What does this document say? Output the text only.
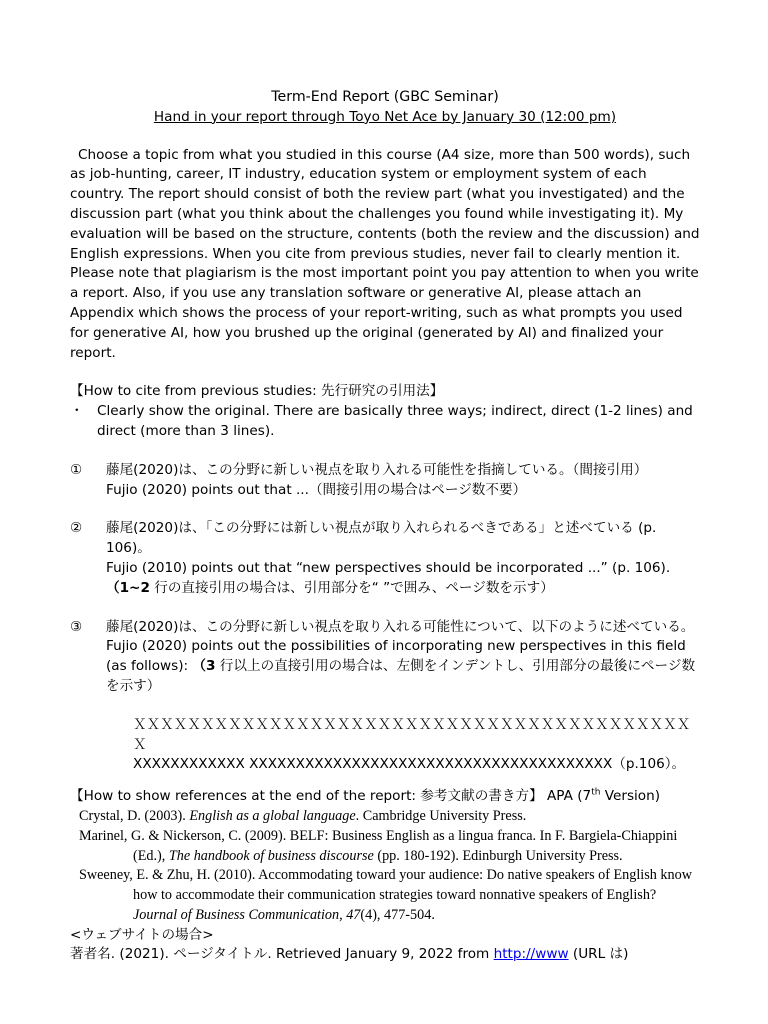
Term-End Report (GBC Seminar)
Hand in your report through Toyo Net Ace by January 30 (12:00 pm)
Choose a topic from what you studied in this course (A4 size, more than 500 words), such as job-hunting, career, IT industry, education system or employment system of each country. The report should consist of both the review part (what you investigated) and the discussion part (what you think about the challenges you found while investigating it). My evaluation will be based on the structure, contents (both the review and the discussion) and English expressions. When you cite from previous studies, never fail to clearly mention it. Please note that plagiarism is the most important point you pay attention to when you write a report. Also, if you use any translation software or generative AI, please attach an Appendix which shows the process of your report-writing, such as what prompts you used for generative AI, how you brushed up the original (generated by AI) and finalized your report.
【How to cite from previous studies: 先行研究の引用法】
・ Clearly show the original. There are basically three ways; indirect, direct (1-2 lines) and direct (more than 3 lines).
①	藤尾(2020)は、この分野に新しい視点を取り入れる可能性を指摘している。（間接引用）
Fujio (2020) points out that ...（間接引用の場合はページ数不要）
②	藤尾(2020)は、「この分野には新しい視点が取り入れられるべきである」と述べている (p. 106)。
Fujio (2010) points out that “new perspectives should be incorporated ...” (p. 106).
（1~2 行の直接引用の場合は、引用部分を“ ”で囲み、ページ数を示す）
③	藤尾(2020)は、この分野に新しい視点を取り入れる可能性について、以下のように述べている。
Fujio (2020) points out the possibilities of incorporating new perspectives in this field
(as follows): （3 行以上の直接引用の場合は、左側をインデントし、引用部分の最後にページ数を示す）
ＸＸＸＸＸＸＸＸＸＸＸＸＸＸＸＸＸＸＸＸＸＸＸＸＸＸＸＸＸＸＸＸＸＸＸＸＸＸＸＸＸＸ
XXXXXXXXXXXX XXXXXXXXXXXXXXXXXXXXXXXXXXXXXXXXXXXXXXX（p.106）。
【How to show references at the end of the report: 参考文献の書き方】 APA (7th Version)
Crystal, D. (2003). English as a global language. Cambridge University Press.
Marinel, G. & Nickerson, C. (2009). BELF: Business English as a lingua franca. In F. Bargiela-Chiappini (Ed.), The handbook of business discourse (pp. 180-192). Edinburgh University Press.
Sweeney, E. & Zhu, H. (2010). Accommodating toward your audience: Do native speakers of English know how to accommodate their communication strategies toward nonnative speakers of English? Journal of Business Communication, 47(4), 477-504.
<ウェブサイトの場合>
著者名. (2021). ページタイトル. Retrieved January 9, 2022 from http://www (URL は)
